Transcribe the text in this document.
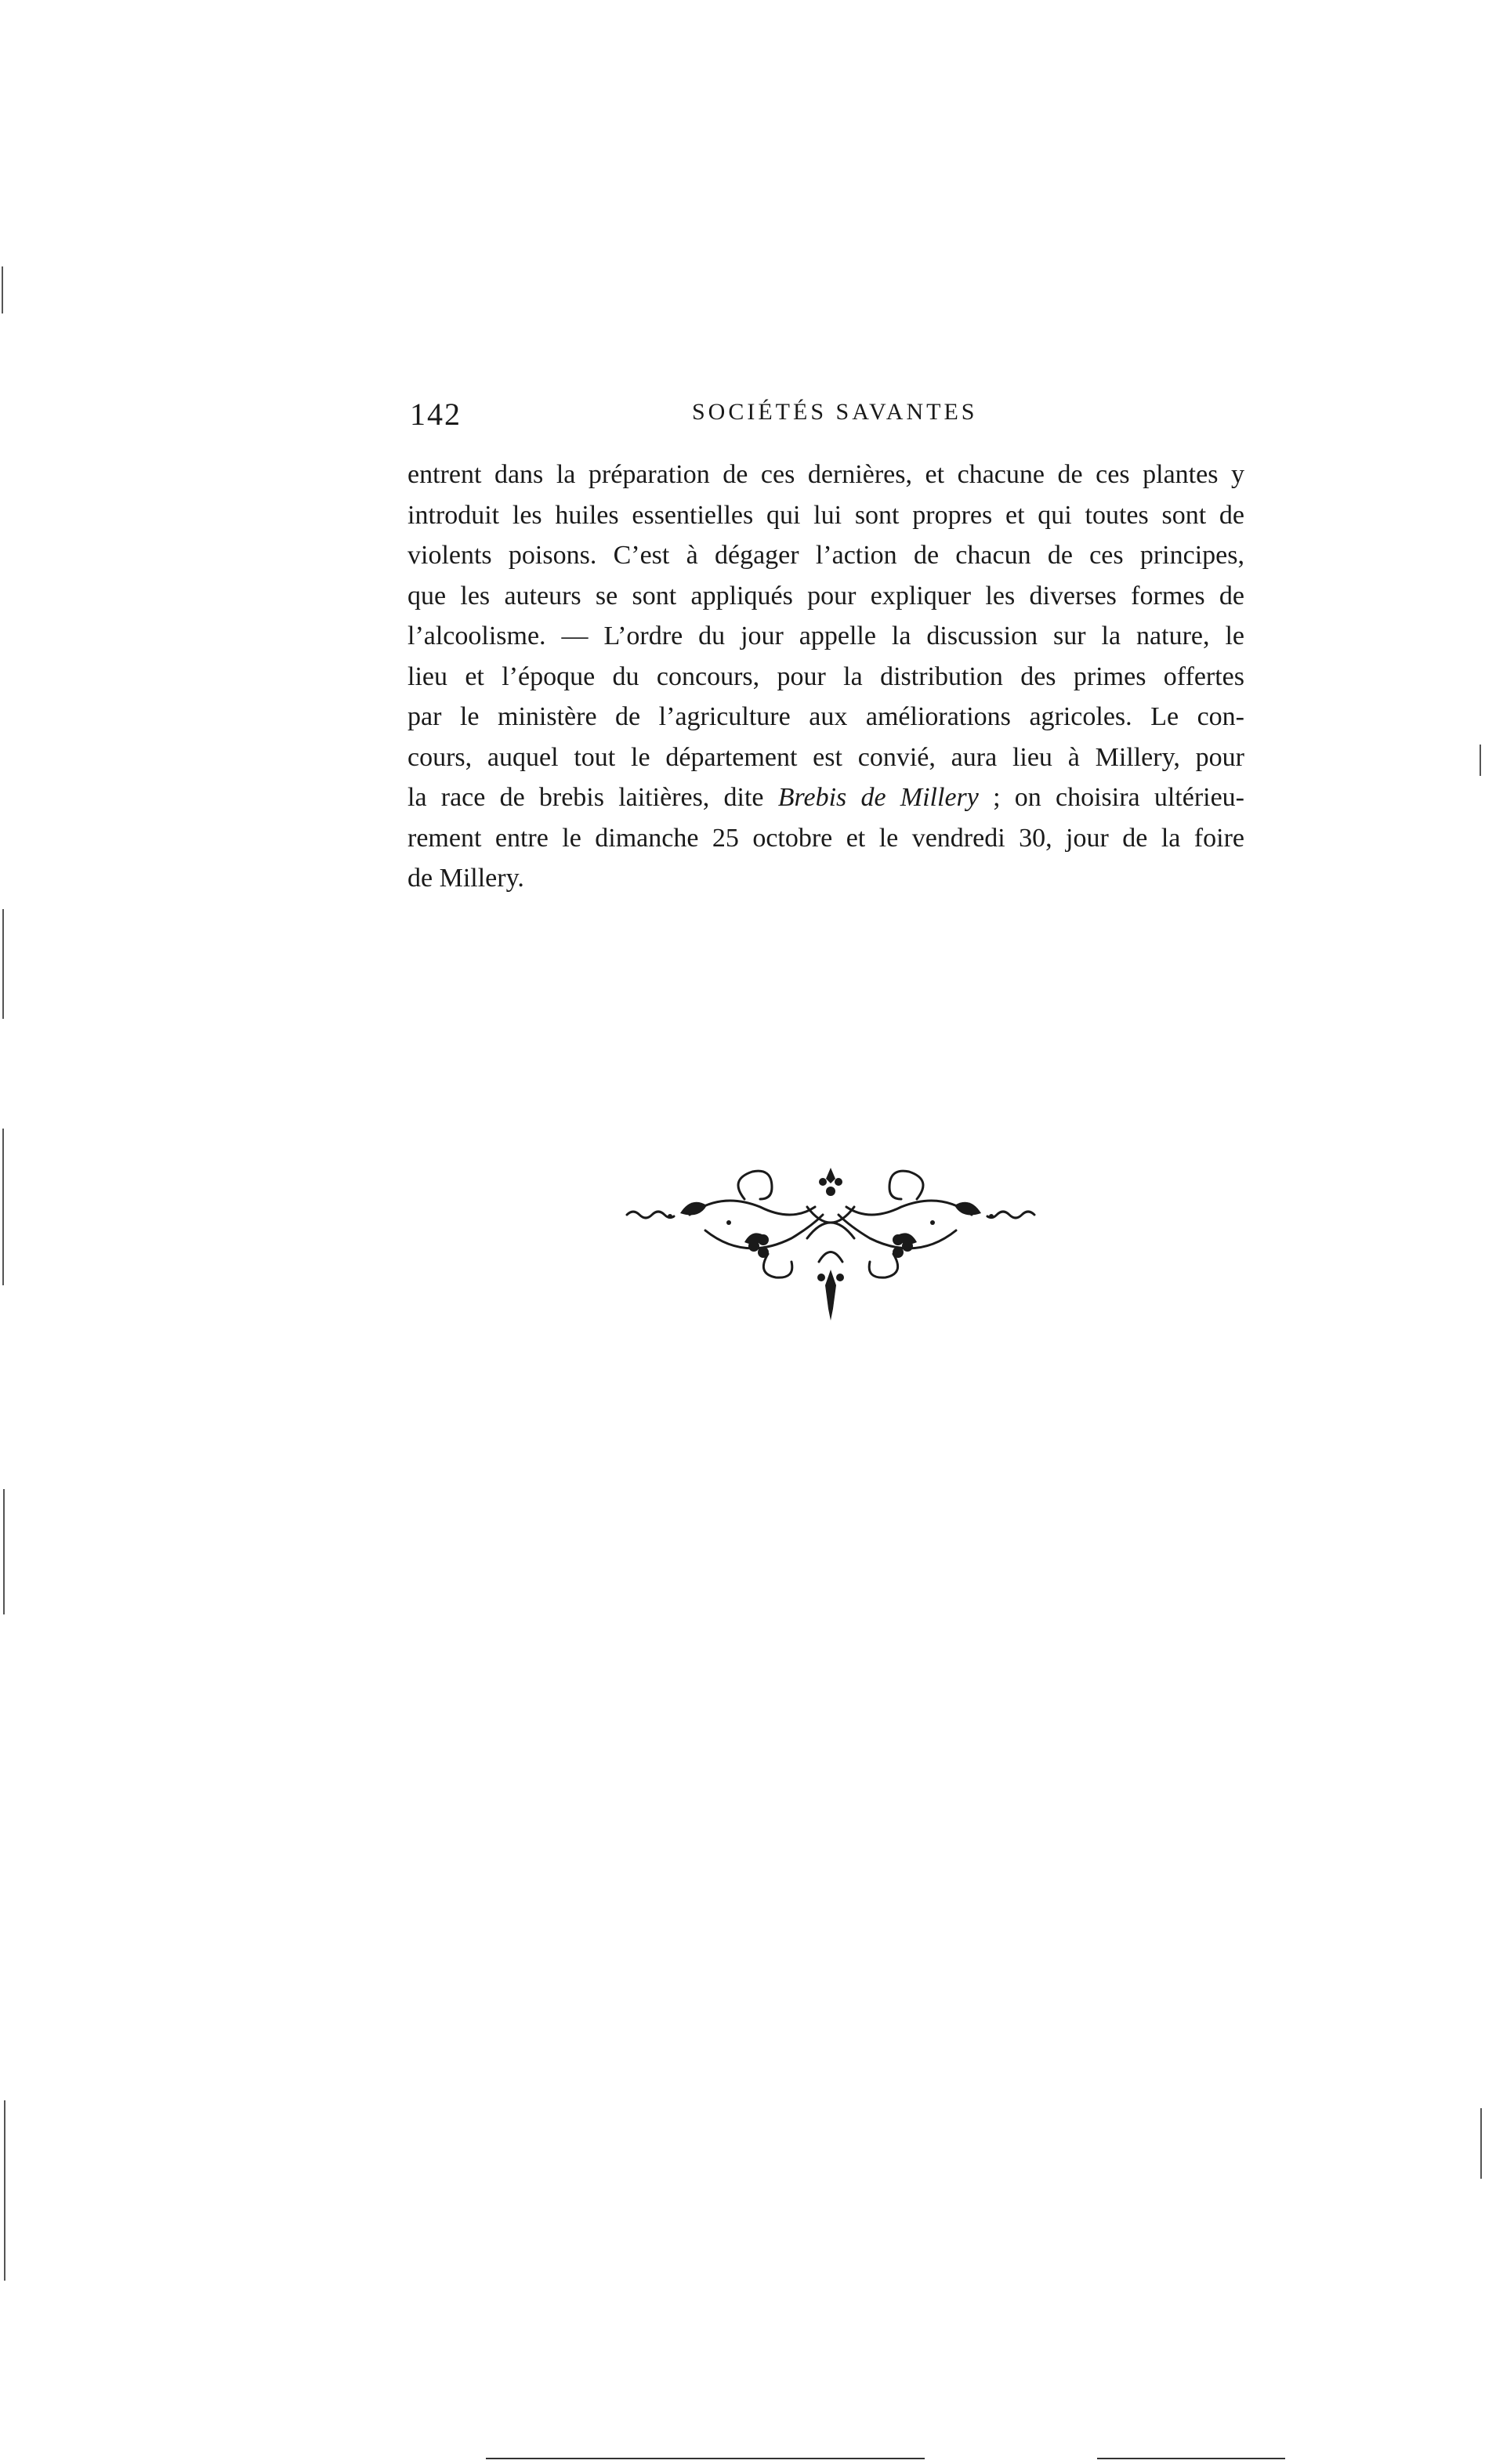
142	SOCIÉTÉS SAVANTES
entrent dans la préparation de ces dernières, et chacune de ces plantes y
introduit les huiles essentielles qui lui sont propres et qui toutes sont de
violents poisons. C’est à dégager l’action de chacun de ces principes,
que les auteurs se sont appliqués pour expliquer les diverses formes de
l’alcoolisme. — L’ordre du jour appelle la discussion sur la nature, le
lieu et l’époque du concours, pour la distribution des primes offertes
par le ministère de l’agriculture aux améliorations agricoles. Le con-
cours, auquel tout le département est convié, aura lieu à Millery, pour
la race de brebis laitières, dite Brebis de Millery ; on choisira ultérieu-
rement entre le dimanche 25 octobre et le vendredi 30, jour de la foire
de Millery.
